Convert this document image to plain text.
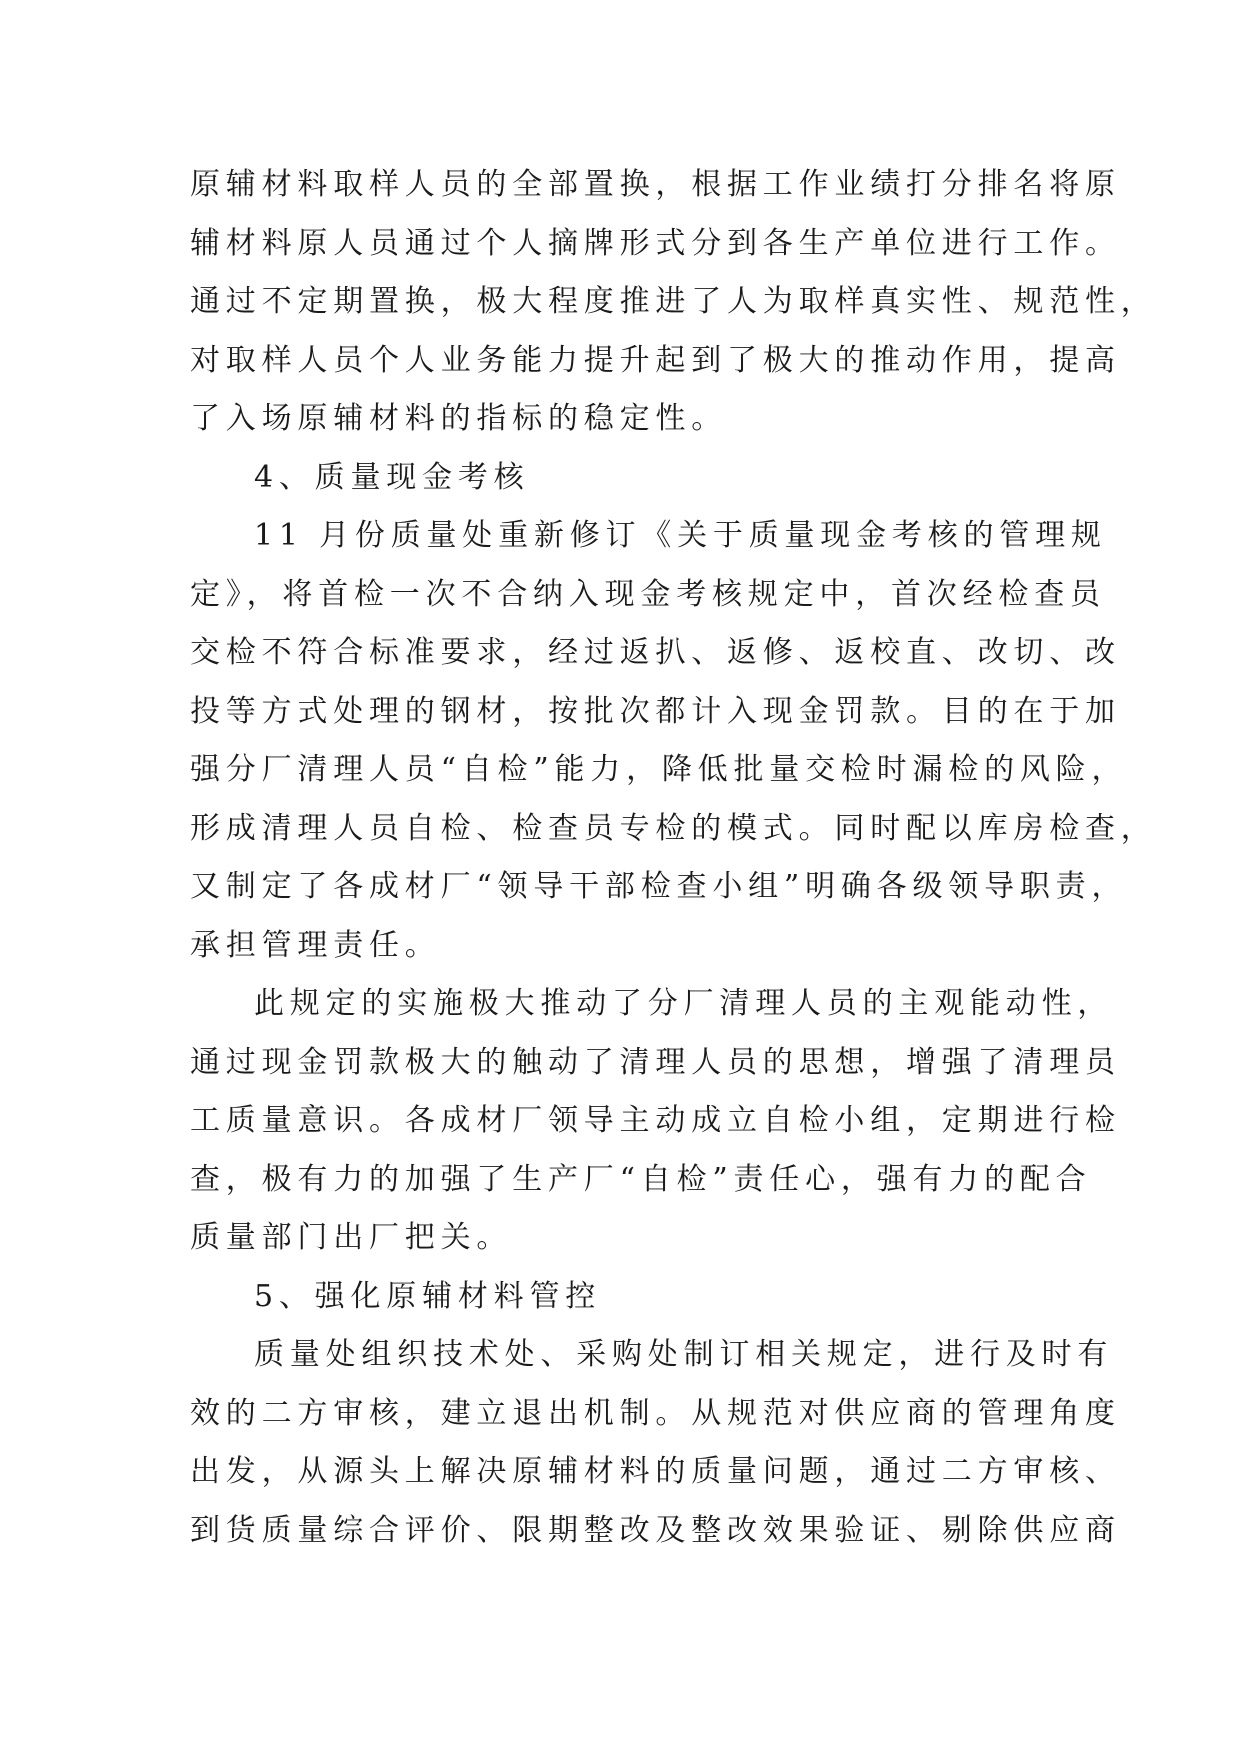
原辅材料取样人员的全部置换，根据工作业绩打分排名将原
辅材料原人员通过个人摘牌形式分到各生产单位进行工作。
通过不定期置换，极大程度推进了人为取样真实性、规范性，
对取样人员个人业务能力提升起到了极大的推动作用，提高
了入场原辅材料的指标的稳定性。
4、质量现金考核
11 月份质量处重新修订《关于质量现金考核的管理规
定》，将首检一次不合纳入现金考核规定中，首次经检查员
交检不符合标准要求，经过返扒、返修、返校直、改切、改
投等方式处理的钢材，按批次都计入现金罚款。目的在于加
强分厂清理人员“自检”能力，降低批量交检时漏检的风险，
形成清理人员自检、检查员专检的模式。同时配以库房检查，
又制定了各成材厂“领导干部检查小组”明确各级领导职责，
承担管理责任。
此规定的实施极大推动了分厂清理人员的主观能动性，
通过现金罚款极大的触动了清理人员的思想，增强了清理员
工质量意识。各成材厂领导主动成立自检小组，定期进行检
查，极有力的加强了生产厂“自检”责任心，强有力的配合
质量部门出厂把关。
5、强化原辅材料管控
质量处组织技术处、采购处制订相关规定，进行及时有
效的二方审核，建立退出机制。从规范对供应商的管理角度
出发，从源头上解决原辅材料的质量问题，通过二方审核、
到货质量综合评价、限期整改及整改效果验证、剔除供应商
